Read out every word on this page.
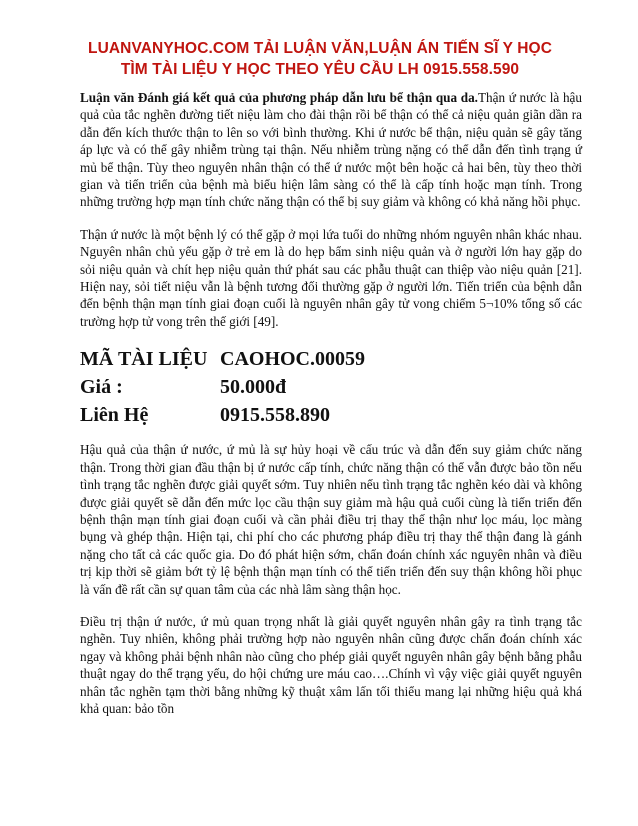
LUANVANYHOC.COM TẢI LUẬN VĂN,LUẬN ÁN TIẾN SĨ Y HỌC
TÌM TÀI LIỆU Y HỌC THEO YÊU CẦU LH 0915.558.590

Luận văn Đánh giá kết quả của phương pháp dẫn lưu bể thận qua da.Thận ứ nước là hậu quả của tắc nghẽn đường tiết niệu làm cho đài thận rồi bể thận có thể cả niệu quản giãn dần ra dẫn đến kích thước thận to lên so với bình thường. Khi ứ nước bể thận, niệu quản sẽ gây tăng áp lực và có thể gây nhiễm trùng tại thận. Nếu nhiễm trùng nặng có thể dẫn đến tình trạng ứ mủ bể thận. Tùy theo nguyên nhân thận có thể ứ nước một bên hoặc cả hai bên, tùy theo thời gian và tiến triển của bệnh mà biểu hiện lâm sàng có thể là cấp tính hoặc mạn tính. Trong những trường hợp mạn tính chức năng thận có thể bị suy giảm và không có khả năng hồi phục.

Thận ứ nước là một bệnh lý có thể gặp ở mọi lứa tuổi do những nhóm nguyên nhân khác nhau. Nguyên nhân chủ yếu gặp ở trẻ em là do hẹp bẩm sinh niệu quản và ở người lớn hay gặp do sỏi niệu quản và chít hẹp niệu quản thứ phát sau các phẫu thuật can thiệp vào niệu quản [21]. Hiện nay, sỏi tiết niệu vẫn là bệnh tương đối thường gặp ở người lớn. Tiến triển của bệnh dẫn đến bệnh thận mạn tính giai đoạn cuối là nguyên nhân gây tử vong chiếm 5¬10% tổng số các trường hợp tử vong trên thế giới [49].

MÃ TÀI LIỆU CAOHOC.00059
Giá :	50.000đ
Liên Hệ	0915.558.890

Hậu quả của thận ứ nước, ứ mủ là sự hủy hoại về cấu trúc và dẫn đến suy giảm chức năng thận. Trong thời gian đầu thận bị ứ nước cấp tính, chức năng thận có thể vẫn được bảo tồn nếu tình trạng tắc nghẽn được giải quyết sớm. Tuy nhiên nếu tình trạng tắc nghẽn kéo dài và không được giải quyết sẽ dẫn đến mức lọc cầu thận suy giảm mà hậu quả cuối cùng là tiến triển đến bệnh thận mạn tính giai đoạn cuối và cần phải điều trị thay thế thận như lọc máu, lọc màng bụng và ghép thận. Hiện tại, chi phí cho các phương pháp điều trị thay thế thận đang là gánh nặng cho tất cả các quốc gia. Do đó phát hiện sớm, chẩn đoán chính xác nguyên nhân và điều trị kịp thời sẽ giảm bớt tỷ lệ bệnh thận mạn tính có thể tiến triển đến suy thận không hồi phục là vấn đề rất cần sự quan tâm của các nhà lâm sàng thận học.

Điều trị thận ứ nước, ứ mủ quan trọng nhất là giải quyết nguyên nhân gây ra tình trạng tắc nghẽn. Tuy nhiên, không phải trường hợp nào nguyên nhân cũng được chẩn đoán chính xác ngay và không phải bệnh nhân nào cũng cho phép giải quyết nguyên nhân gây bệnh bằng phẫu thuật ngay do thể trạng yếu, do hội chứng ure máu cao….Chính vì vậy việc giải quyết nguyên nhân tắc nghẽn tạm thời bằng những kỹ thuật xâm lấn tối thiểu mang lại những hiệu quả khá khả quan: bảo tồn
